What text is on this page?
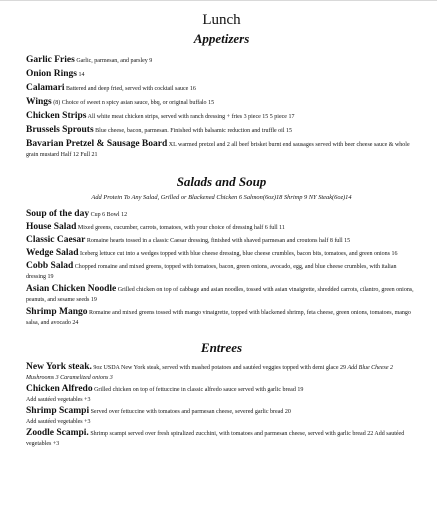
Lunch
Appetizers
Garlic Fries Garlic, parmesan, and parsley 9
Onion Rings 14
Calamari Battered and deep fried, served with cocktail sauce 16
Wings (8) Choice of sweet n spicy asian sauce, bbq, or original buffalo 15
Chicken Strips All white meat chicken strips, served with ranch dressing + fries 3 piece 15 5 piece 17
Brussels Sprouts Blue cheese, bacon, parmesan. Finished with balsamic reduction and truffle oil 15
Bavarian Pretzel & Sausage Board XL warmed pretzel and 2 all beef brisket burnt end sausages served with beer cheese sauce & whole grain mustard Half 12 Full 21
Salads and Soup
Add Protein To Any Salad, Grilled or Blackened Chicken 6 Salmon(6oz)18 Shrimp 9 NY Steak(6oz)14
Soup of the day Cup 6 Bowl 12
House Salad Mixed greens, cucumber, carrots, tomatoes, with your choice of dressing half 6 full 11
Classic Caesar Romaine hearts tossed in a classic Caesar dressing, finished with shaved parmesan and croutons half 8 full 15
Wedge Salad Iceberg lettuce cut into a wedges topped with blue cheese dressing, blue cheese crumbles, bacon bits, tomatoes, and green onions 16
Cobb Salad Chopped romaine and mixed greens, topped with tomatoes, bacon, green onions, avocado, egg, and blue cheese crumbles, with italian dressing 19
Asian Chicken Noodle Grilled chicken on top of cabbage and asian noodles, tossed with asian vinaigrette, shredded carrots, cilantro, green onions, peanuts, and sesame seeds 19
Shrimp Mango Romaine and mixed greens tossed with mango vinaigrette, topped with blackened shrimp, feta cheese, green onions, tomatoes, mango salsa, and avocado 24
Entrees
New York steak. 9oz USDA New York steak, served with mashed potatoes and sautéed veggies topped with demi glace 29 Add Blue Cheese 2 Mushrooms 3 Caramelized onions 3
Chicken Alfredo Grilled chicken on top of fettuccine in classic alfredo sauce served with garlic bread 19
Add sautéed vegetables +3
Shrimp Scampi Served over fettuccine with tomatoes and parmesan cheese, severed garlic bread 20
Add sautéed vegetables +3
Zoodle Scampi. Shrimp scampi served over fresh spiralized zucchini, with tomatoes and parmesan cheese, served with garlic bread 22 Add sautéed vegetables +3
